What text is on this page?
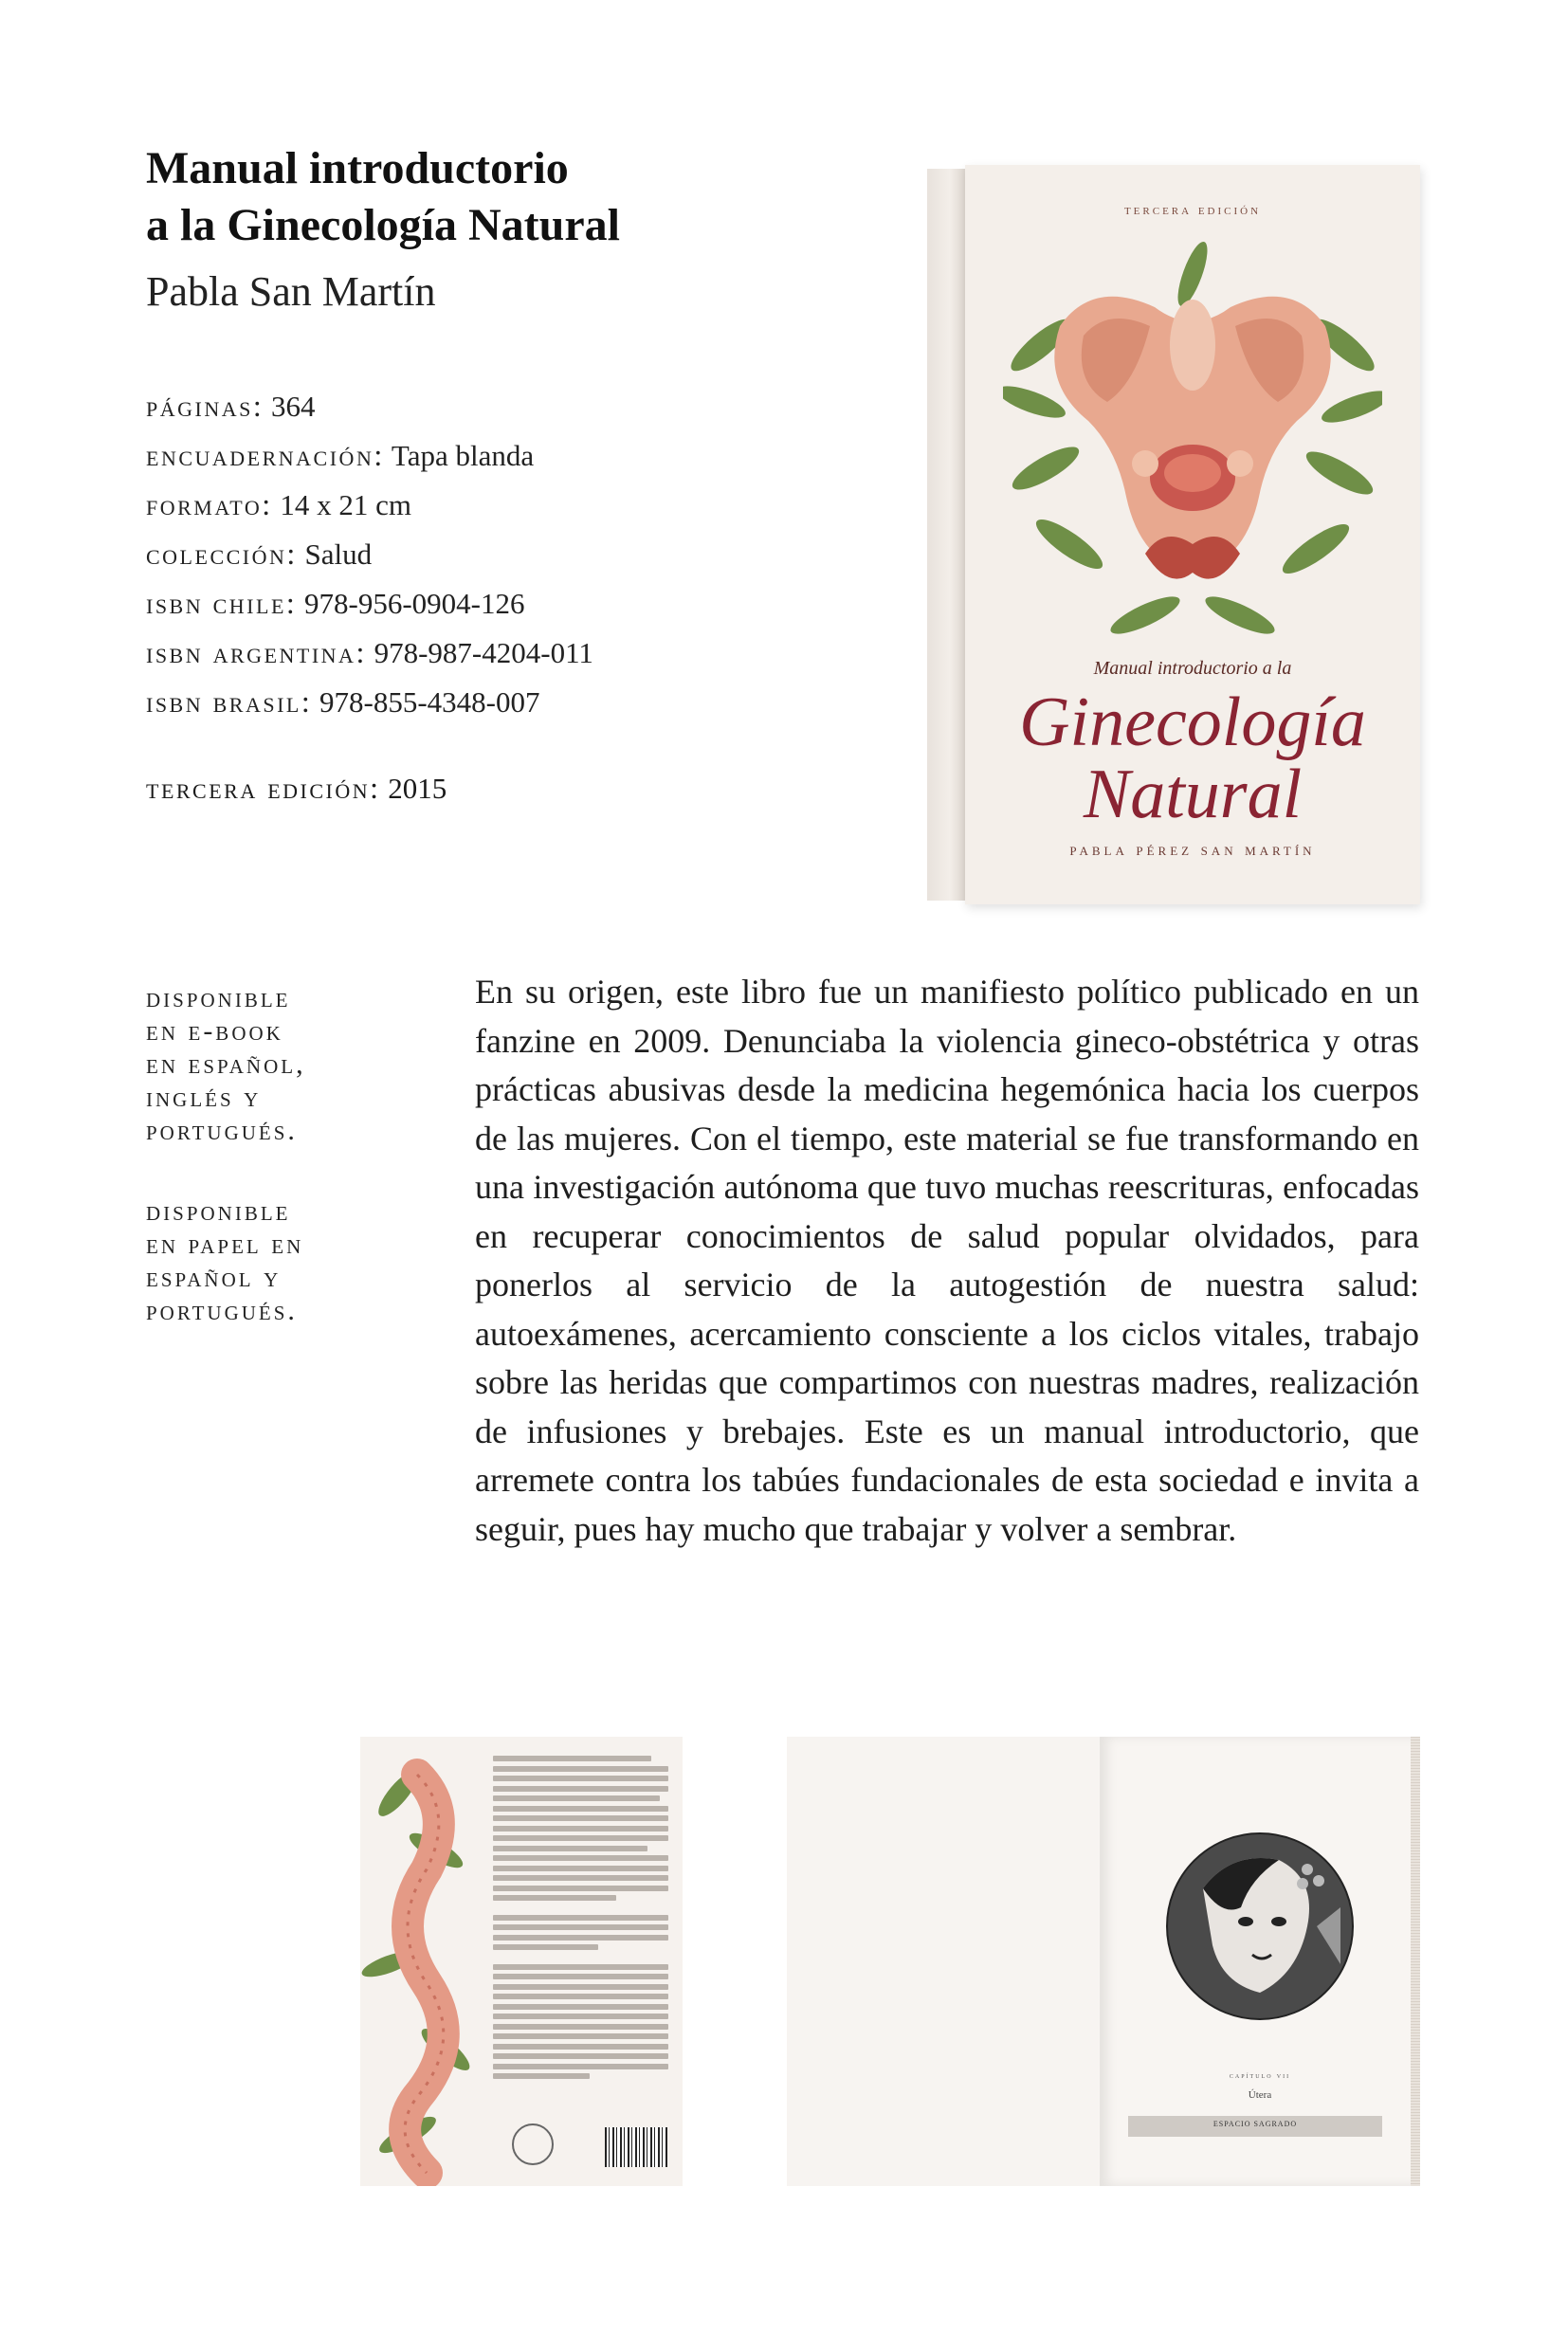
Manual introductorio
a la Ginecología Natural
Pabla San Martín
páginas: 364
encuadernación: Tapa blanda
formato: 14 x 21 cm
colección: Salud
isbn chile: 978-956-0904-126
isbn argentina: 978-987-4204-011
isbn brasil: 978-855-4348-007
tercera edición: 2015
tercera edición
Manual introductorio a la
Ginecología
Natural
pabla pérez san martín
disponible
en e-book
en español,
inglés y
portugués.
disponible
en papel en
español y
portugués.

En su origen, este libro fue un manifiesto político publicado en un fanzine en 2009. Denunciaba la violencia gineco-obstétrica y otras prácticas abusivas desde la medicina hegemónica hacia los cuerpos de las mujeres. Con el tiempo, este material se fue transformando en una investigación autónoma que tuvo muchas reescrituras, enfocadas en recuperar conocimientos de salud popular olvidados, para ponerlos al servicio de la autogestión de nuestra salud: autoexámenes, acercamiento consciente a los ciclos vitales, trabajo sobre las heridas que compartimos con nuestras madres, realización de infusiones y brebajes. Este es un manual introductorio, que arremete contra los tabúes fundacionales de esta sociedad e invita a seguir, pues hay mucho que trabajar y volver a sembrar.

capítulo vii
Útera
ESPACIO SAGRADO
